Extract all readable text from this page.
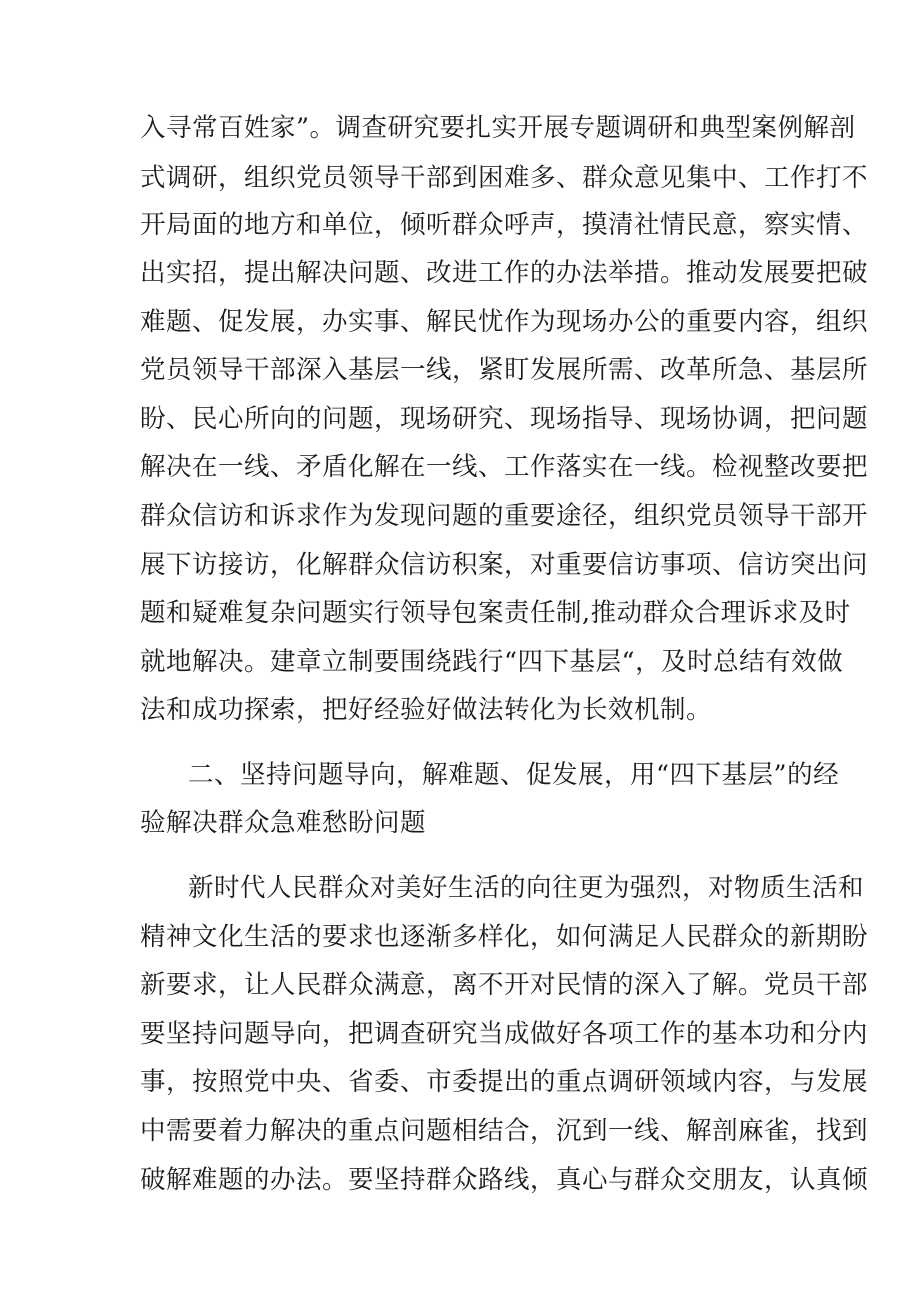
入寻常百姓家”。调查研究要扎实开展专题调研和典型案例解剖
式调研，组织党员领导干部到困难多、群众意见集中、工作打不
开局面的地方和单位，倾听群众呼声，摸清社情民意，察实情、
出实招，提出解决问题、改进工作的办法举措。推动发展要把破
难题、促发展，办实事、解民忧作为现场办公的重要内容，组织
党员领导干部深入基层一线，紧盯发展所需、改革所急、基层所
盼、民心所向的问题，现场研究、现场指导、现场协调，把问题
解决在一线、矛盾化解在一线、工作落实在一线。检视整改要把
群众信访和诉求作为发现问题的重要途径，组织党员领导干部开
展下访接访，化解群众信访积案，对重要信访事项、信访突出问
题和疑难复杂问题实行领导包案责任制,推动群众合理诉求及时
就地解决。建章立制要围绕践行“四下基层“，及时总结有效做
法和成功探索，把好经验好做法转化为长效机制。
二、坚持问题导向，解难题、促发展，用“四下基层”的经
验解决群众急难愁盼问题
新时代人民群众对美好生活的向往更为强烈，对物质生活和
精神文化生活的要求也逐渐多样化，如何满足人民群众的新期盼
新要求，让人民群众满意，离不开对民情的深入了解。党员干部
要坚持问题导向，把调查研究当成做好各项工作的基本功和分内
事，按照党中央、省委、市委提出的重点调研领域内容，与发展
中需要着力解决的重点问题相结合，沉到一线、解剖麻雀，找到
破解难题的办法。要坚持群众路线，真心与群众交朋友，认真倾
